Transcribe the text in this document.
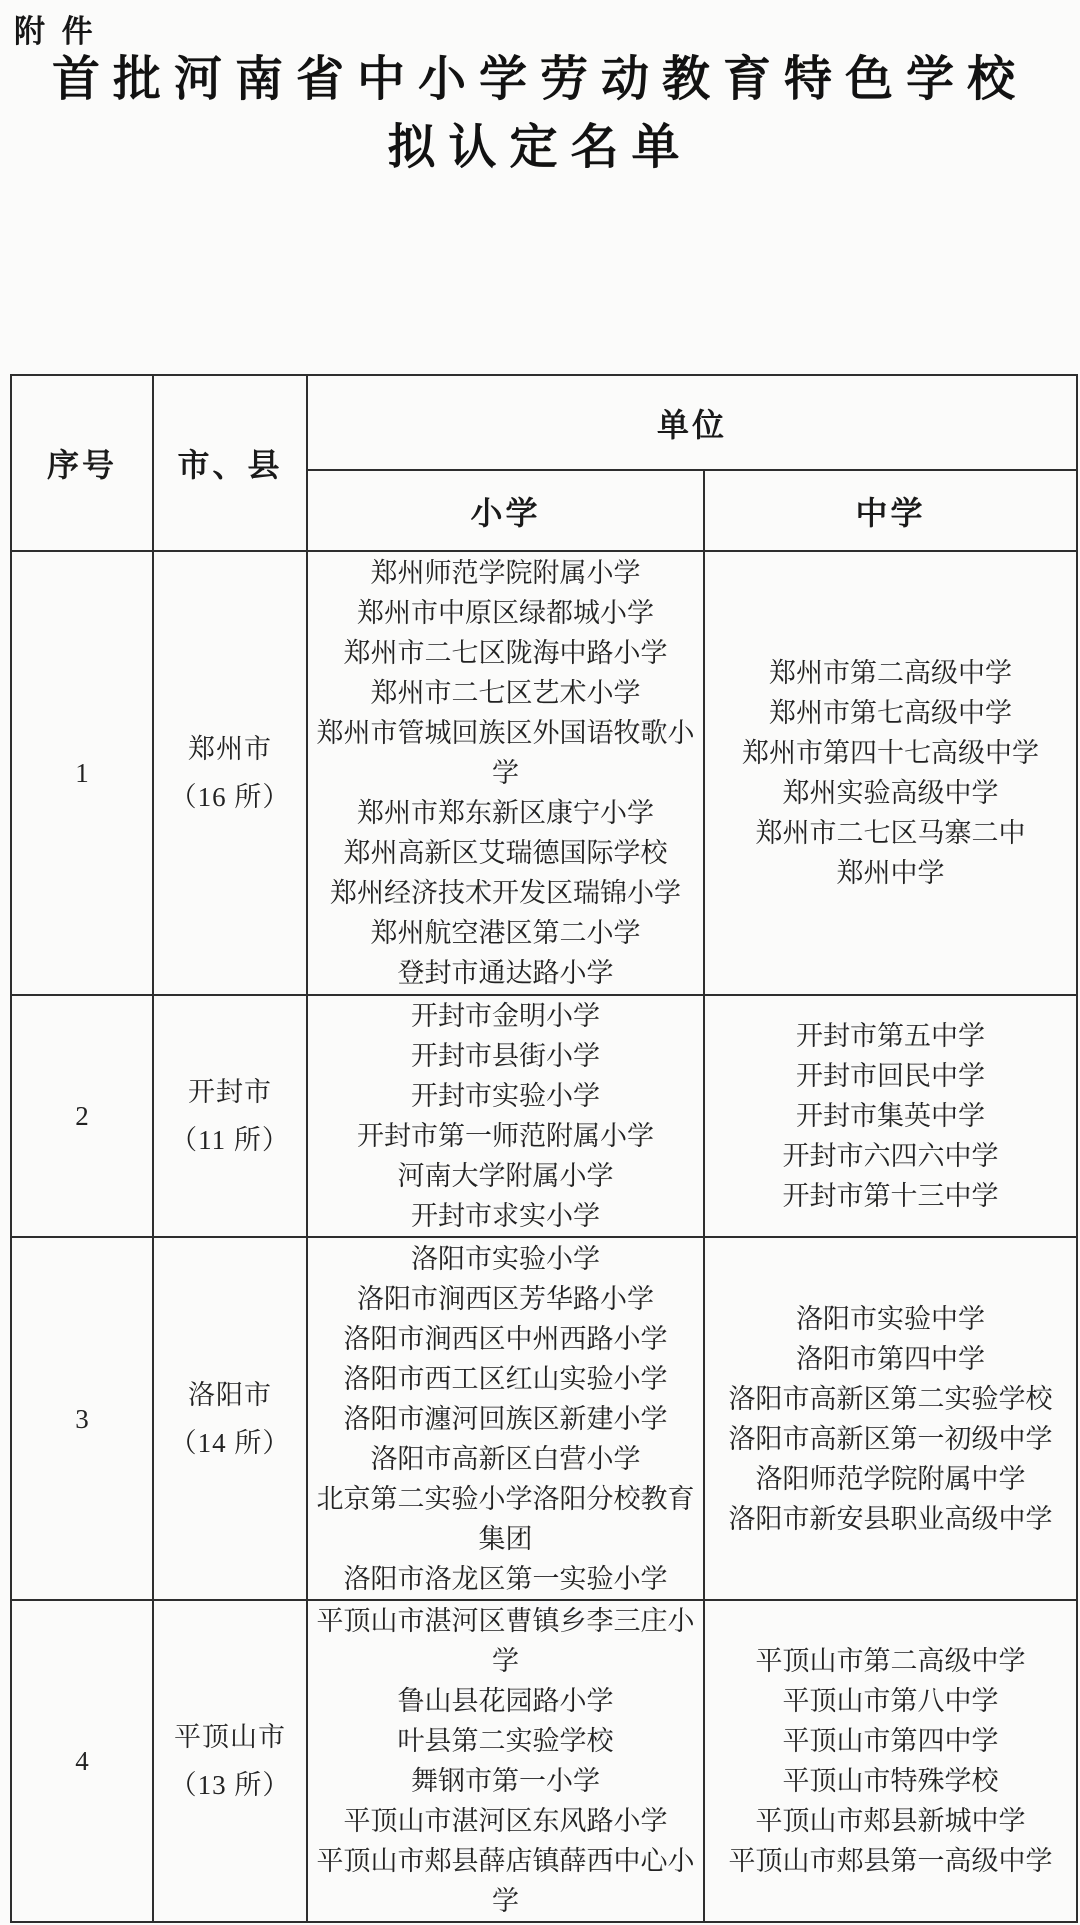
附 件
首批河南省中小学劳动教育特色学校
拟认定名单
序号	市、县	单位	
		小学	中学
1	
郑州市
（16 所）

郑州师范学院附属小学
郑州市中原区绿都城小学
郑州市二七区陇海中路小学
郑州市二七区艺术小学
郑州市管城回族区外国语牧歌小学
郑州市郑东新区康宁小学
郑州高新区艾瑞德国际学校
郑州经济技术开发区瑞锦小学
郑州航空港区第二小学
登封市通达路小学

郑州市第二高级中学
郑州市第七高级中学
郑州市第四十七高级中学
郑州实验高级中学
郑州市二七区马寨二中
郑州中学

2	
开封市
（11 所）

开封市金明小学
开封市县街小学
开封市实验小学
开封市第一师范附属小学
河南大学附属小学
开封市求实小学

开封市第五中学
开封市回民中学
开封市集英中学
开封市六四六中学
开封市第十三中学

3	
洛阳市
（14 所）

洛阳市实验小学
洛阳市涧西区芳华路小学
洛阳市涧西区中州西路小学
洛阳市西工区红山实验小学
洛阳市瀍河回族区新建小学
洛阳市高新区白营小学
北京第二实验小学洛阳分校教育集团
洛阳市洛龙区第一实验小学

洛阳市实验中学
洛阳市第四中学
洛阳市高新区第二实验学校
洛阳市高新区第一初级中学
洛阳师范学院附属中学
洛阳市新安县职业高级中学

4	
平顶山市
（13 所）

平顶山市湛河区曹镇乡李三庄小学
鲁山县花园路小学
叶县第二实验学校
舞钢市第一小学
平顶山市湛河区东风路小学
平顶山市郏县薛店镇薛西中心小学

平顶山市第二高级中学
平顶山市第八中学
平顶山市第四中学
平顶山市特殊学校
平顶山市郏县新城中学
平顶山市郏县第一高级中学
